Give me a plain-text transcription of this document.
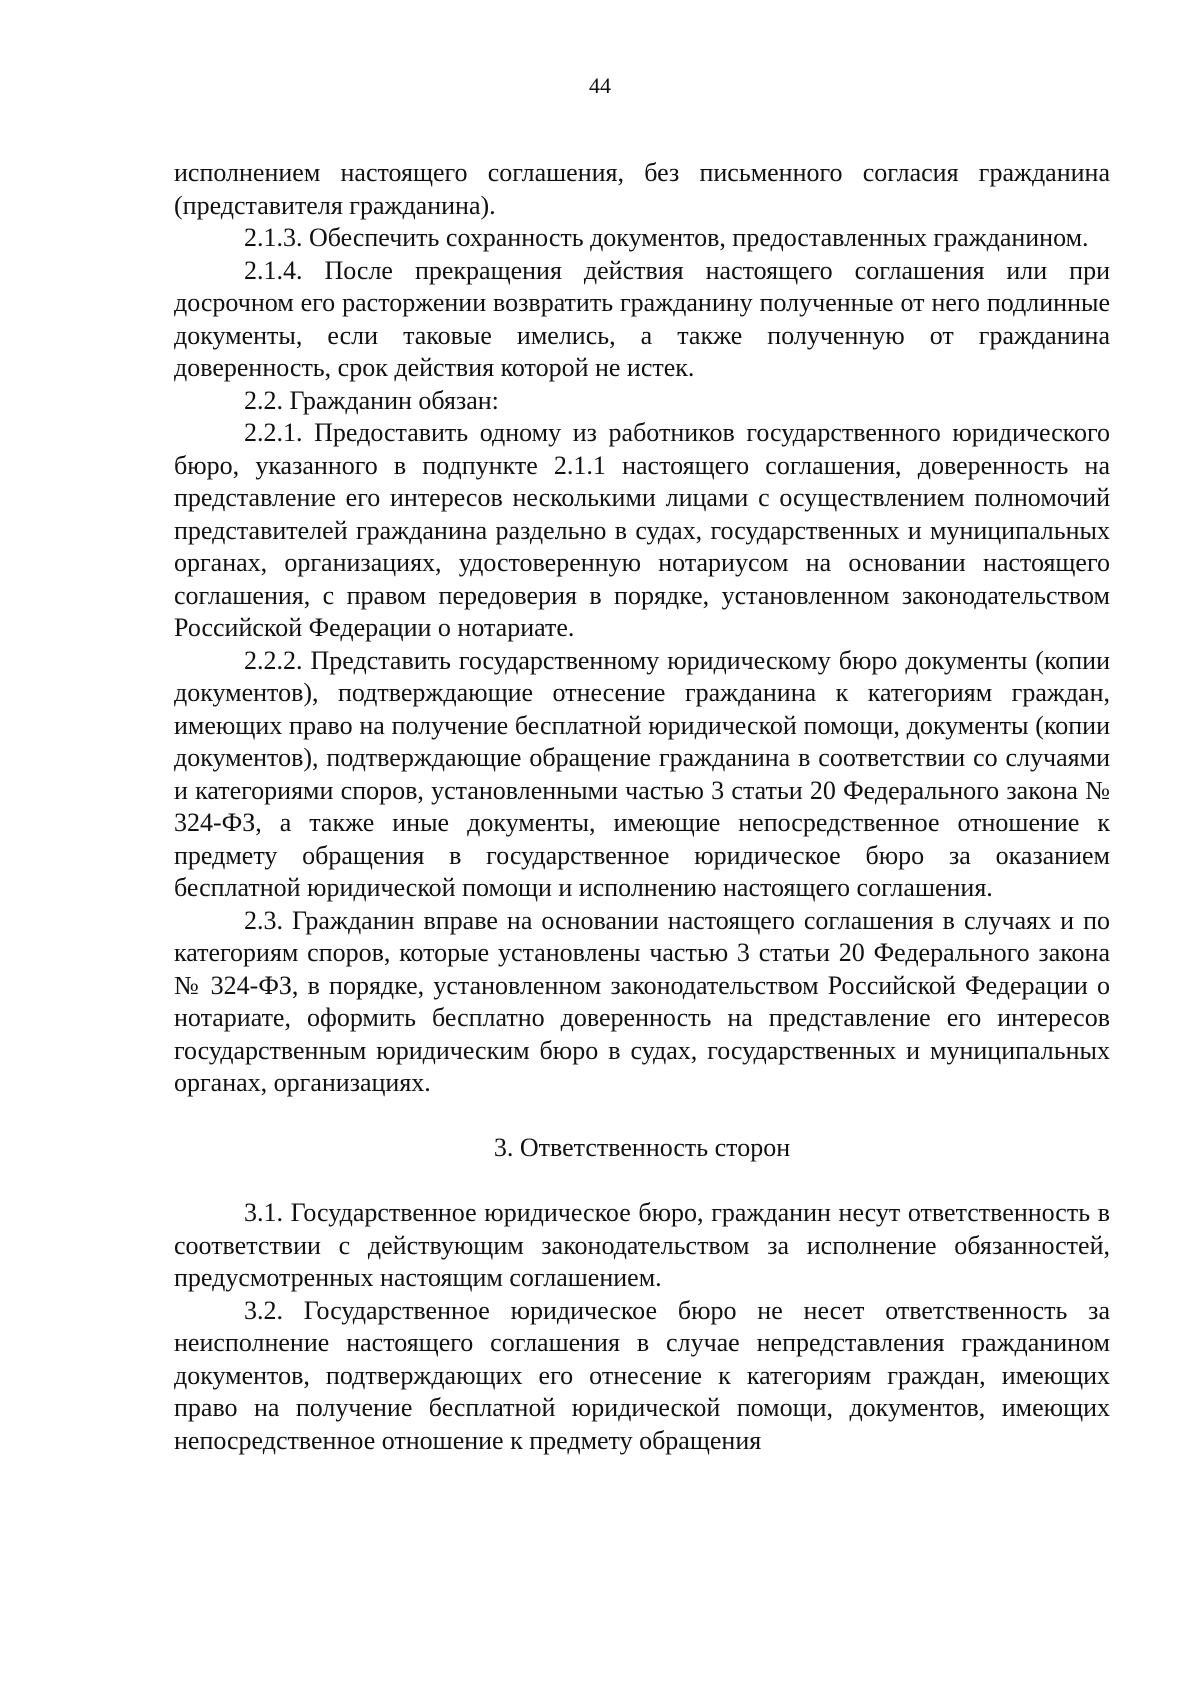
44

исполнением настоящего соглашения, без письменного согласия гражданина (представителя гражданина).

2.1.3. Обеспечить сохранность документов, предоставленных гражданином.

2.1.4. После прекращения действия настоящего соглашения или при досрочном его расторжении возвратить гражданину полученные от него подлинные документы, если таковые имелись, а также полученную от гражданина доверенность, срок действия которой не истек.

2.2. Гражданин обязан:

2.2.1. Предоставить одному из работников государственного юридического бюро, указанного в подпункте 2.1.1 настоящего соглашения, доверенность на представление его интересов несколькими лицами с осуществлением полномочий представителей гражданина раздельно в судах, государственных и муниципальных органах, организациях, удостоверенную нотариусом на основании настоящего соглашения, с правом передоверия в порядке, установленном законодательством Российской Федерации о нотариате.

2.2.2. Представить государственному юридическому бюро документы (копии документов), подтверждающие отнесение гражданина к категориям граждан, имеющих право на получение бесплатной юридической помощи, документы (копии документов), подтверждающие обращение гражданина в соответствии со случаями и категориями споров, установленными частью 3 статьи 20 Федерального закона № 324-ФЗ, а также иные документы, имеющие непосредственное отношение к предмету обращения в государственное юридическое бюро за оказанием бесплатной юридической помощи и исполнению настоящего соглашения.

2.3. Гражданин вправе на основании настоящего соглашения в случаях и по категориям споров, которые установлены частью 3 статьи 20 Федерального закона № 324-ФЗ, в порядке, установленном законодательством Российской Федерации о нотариате, оформить бесплатно доверенность на представление его интересов государственным юридическим бюро в судах, государственных и муниципальных органах, организациях.

3. Ответственность сторон

3.1. Государственное юридическое бюро, гражданин несут ответственность в соответствии с действующим законодательством за исполнение обязанностей, предусмотренных настоящим соглашением.

3.2. Государственное юридическое бюро не несет ответственность за неисполнение настоящего соглашения в случае непредставления гражданином документов, подтверждающих его отнесение к категориям граждан, имеющих право на получение бесплатной юридической помощи, документов, имеющих непосредственное отношение к предмету обращения
